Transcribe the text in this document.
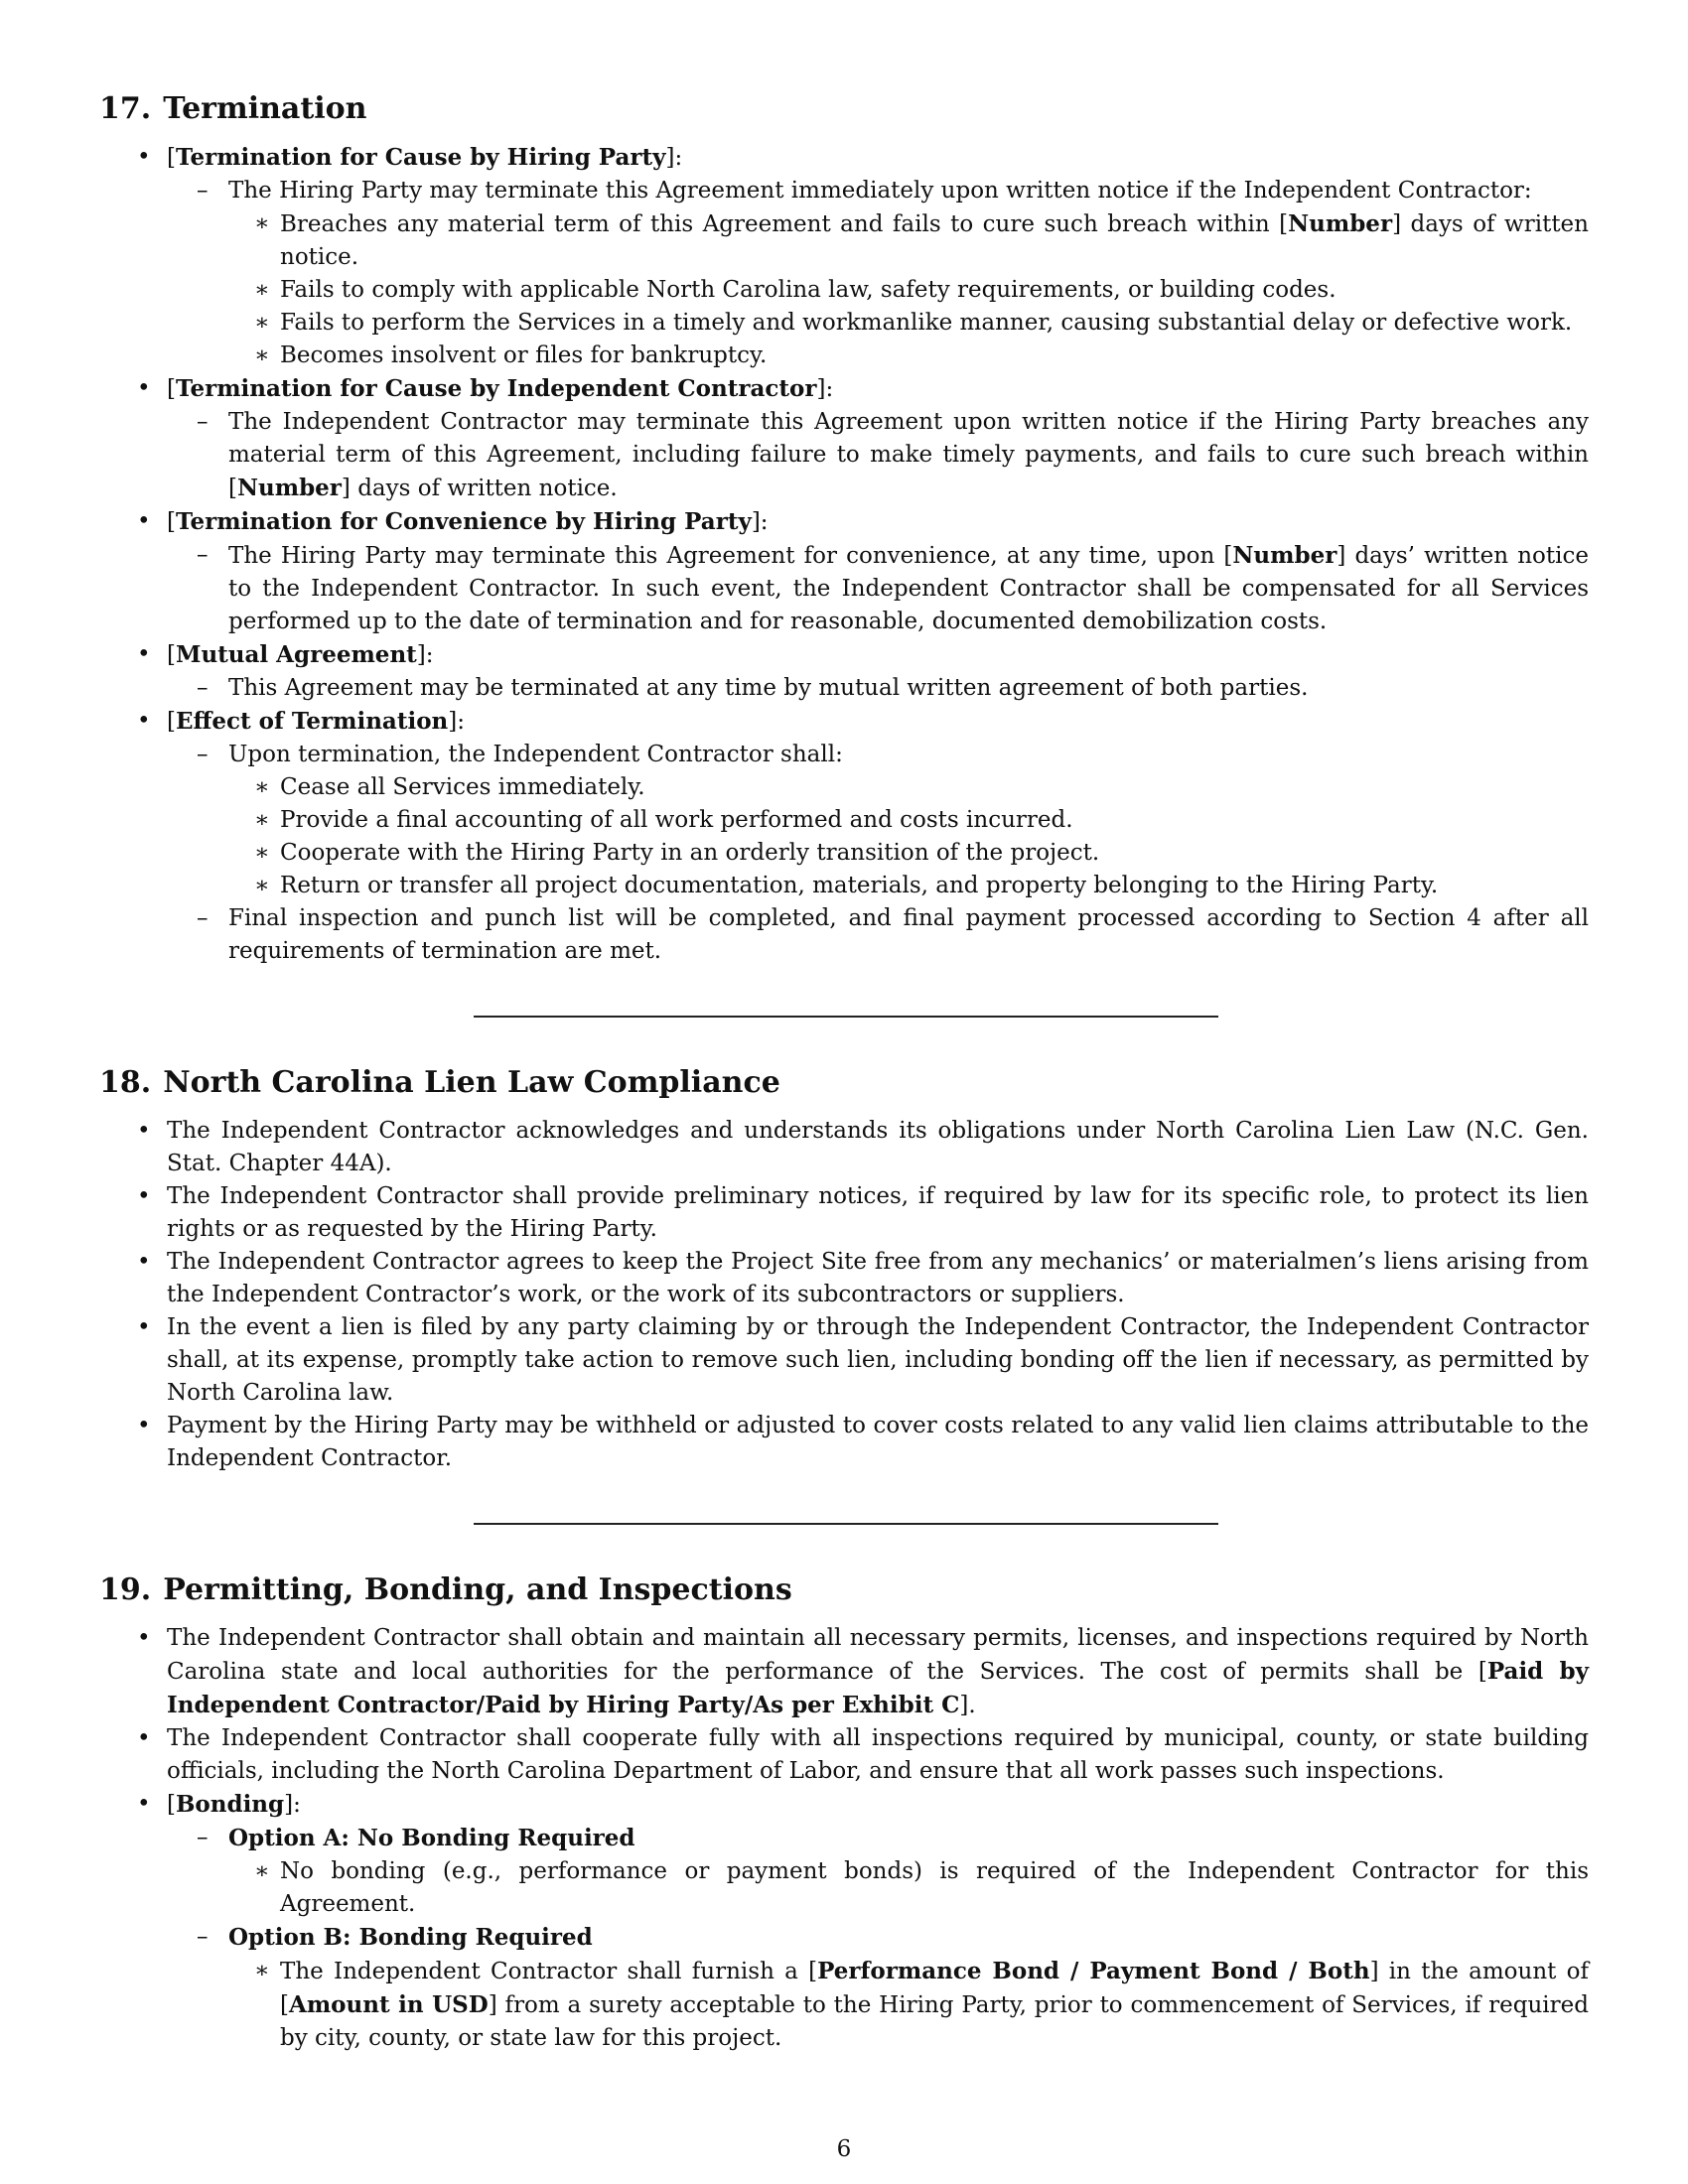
17. Termination
• [Termination for Cause by Hiring Party]:
– The Hiring Party may terminate this Agreement immediately upon written notice if the Independent Contractor:
∗ Breaches any material term of this Agreement and fails to cure such breach within [Number] days of written notice.
∗ Fails to comply with applicable North Carolina law, safety requirements, or building codes.
∗ Fails to perform the Services in a timely and workmanlike manner, causing substantial delay or defective work.
∗ Becomes insolvent or files for bankruptcy.
• [Termination for Cause by Independent Contractor]:
– The Independent Contractor may terminate this Agreement upon written notice if the Hiring Party breaches any material term of this Agreement, including failure to make timely payments, and fails to cure such breach within [Number] days of written notice.
• [Termination for Convenience by Hiring Party]:
– The Hiring Party may terminate this Agreement for convenience, at any time, upon [Number] days’ written notice to the Independent Contractor. In such event, the Independent Contractor shall be compensated for all Services performed up to the date of termination and for reasonable, documented demobilization costs.
• [Mutual Agreement]:
– This Agreement may be terminated at any time by mutual written agreement of both parties.
• [Effect of Termination]:
– Upon termination, the Independent Contractor shall:
∗ Cease all Services immediately.
∗ Provide a final accounting of all work performed and costs incurred.
∗ Cooperate with the Hiring Party in an orderly transition of the project.
∗ Return or transfer all project documentation, materials, and property belonging to the Hiring Party.
– Final inspection and punch list will be completed, and final payment processed according to Section 4 after all requirements of termination are met.
18. North Carolina Lien Law Compliance
• The Independent Contractor acknowledges and understands its obligations under North Carolina Lien Law (N.C. Gen. Stat. Chapter 44A).
• The Independent Contractor shall provide preliminary notices, if required by law for its specific role, to protect its lien rights or as requested by the Hiring Party.
• The Independent Contractor agrees to keep the Project Site free from any mechanics’ or materialmen’s liens arising from the Independent Contractor’s work, or the work of its subcontractors or suppliers.
• In the event a lien is filed by any party claiming by or through the Independent Contractor, the Independent Contractor shall, at its expense, promptly take action to remove such lien, including bonding off the lien if necessary, as permitted by North Carolina law.
• Payment by the Hiring Party may be withheld or adjusted to cover costs related to any valid lien claims attributable to the Independent Contractor.
19. Permitting, Bonding, and Inspections
• The Independent Contractor shall obtain and maintain all necessary permits, licenses, and inspections required by North Carolina state and local authorities for the performance of the Services. The cost of permits shall be [Paid by Independent Contractor/Paid by Hiring Party/As per Exhibit C].
• The Independent Contractor shall cooperate fully with all inspections required by municipal, county, or state building officials, including the North Carolina Department of Labor, and ensure that all work passes such inspections.
• [Bonding]:
– Option A: No Bonding Required
∗ No bonding (e.g., performance or payment bonds) is required of the Independent Contractor for this Agreement.
– Option B: Bonding Required
∗ The Independent Contractor shall furnish a [Performance Bond / Payment Bond / Both] in the amount of [Amount in USD] from a surety acceptable to the Hiring Party, prior to commencement of Services, if required by city, county, or state law for this project.
6
